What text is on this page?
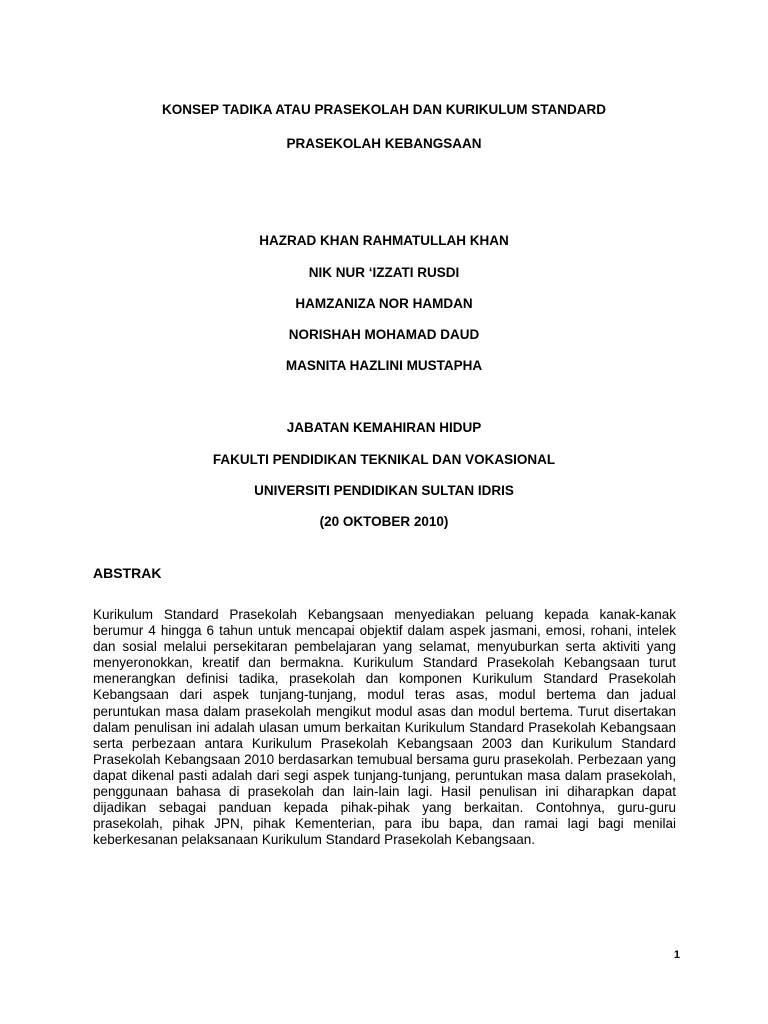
KONSEP TADIKA ATAU PRASEKOLAH DAN KURIKULUM STANDARD
PRASEKOLAH KEBANGSAAN
HAZRAD KHAN RAHMATULLAH KHAN
NIK NUR ‘IZZATI RUSDI
HAMZANIZA NOR HAMDAN
NORISHAH MOHAMAD DAUD
MASNITA HAZLINI MUSTAPHA
JABATAN KEMAHIRAN HIDUP
FAKULTI PENDIDIKAN TEKNIKAL DAN VOKASIONAL
UNIVERSITI PENDIDIKAN SULTAN IDRIS
(20 OKTOBER 2010)
ABSTRAK

Kurikulum Standard Prasekolah Kebangsaan menyediakan peluang kepada kanak-kanak berumur 4 hingga 6 tahun untuk mencapai objektif dalam aspek jasmani, emosi, rohani, intelek dan sosial melalui persekitaran pembelajaran yang selamat, menyuburkan serta aktiviti yang menyeronokkan, kreatif dan bermakna. Kurikulum Standard Prasekolah Kebangsaan turut menerangkan definisi tadika, prasekolah dan komponen Kurikulum Standard Prasekolah Kebangsaan dari aspek tunjang-tunjang, modul teras asas, modul bertema dan jadual peruntukan masa dalam prasekolah mengikut modul asas dan modul bertema. Turut disertakan dalam penulisan ini adalah ulasan umum berkaitan Kurikulum Standard Prasekolah Kebangsaan serta perbezaan antara Kurikulum Prasekolah Kebangsaan 2003 dan Kurikulum Standard Prasekolah Kebangsaan 2010 berdasarkan temubual bersama guru prasekolah. Perbezaan yang dapat dikenal pasti adalah dari segi aspek tunjang-tunjang, peruntukan masa dalam prasekolah, penggunaan bahasa di prasekolah dan lain-lain lagi. Hasil penulisan ini diharapkan dapat dijadikan sebagai panduan kepada pihak-pihak yang berkaitan. Contohnya, guru-guru prasekolah, pihak JPN, pihak Kementerian, para ibu bapa, dan ramai lagi bagi menilai keberkesanan pelaksanaan Kurikulum Standard Prasekolah Kebangsaan.

1
